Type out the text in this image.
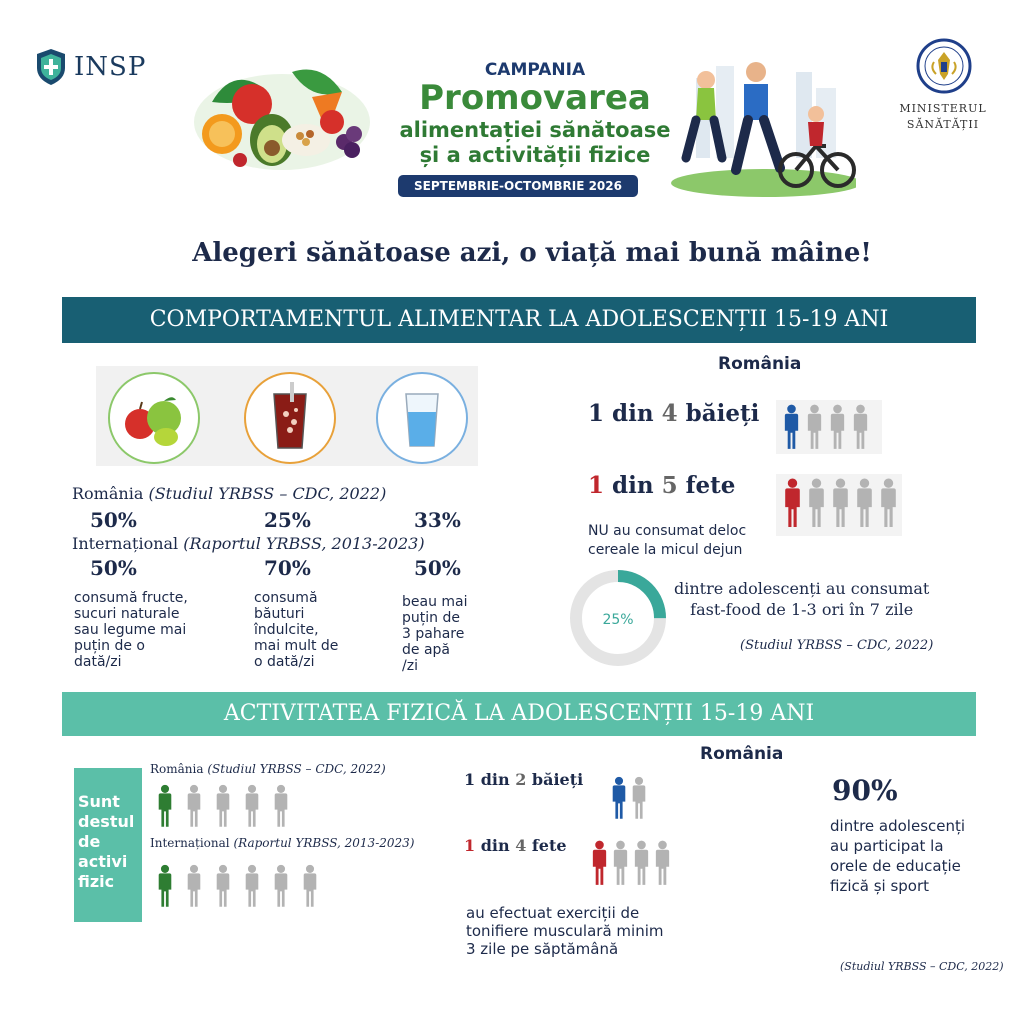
INSP	CAMPANIA
Promovarea
alimentației sănătoase
și a activității fizice
SEPTEMBRIE-OCTOMBRIE 2026
MINISTERUL
SĂNĂTĂȚII
Alegeri sănătoase azi, o viață mai bună mâine!
COMPORTAMENTUL ALIMENTAR LA ADOLESCENȚII 15-19 ANI
România (Studiul YRBSS – CDC, 2022)
50%	25%	33%
Internațional (Raportul YRBSS, 2013-2023)
50%	70%	50%
consumă fructe,
sucuri naturale
sau legume mai
puțin de o
dată/zi
consumă
băuturi
îndulcite,
mai mult de
o dată/zi
beau mai
puțin de
3 pahare
de apă
/zi
România
1 din 4 băieți
1 din 5 fete
NU au consumat deloc
cereale la micul dejun
25%
dintre adolescenți au consumat
fast-food de 1-3 ori în 7 zile
(Studiul YRBSS – CDC, 2022)
ACTIVITATEA FIZICĂ LA ADOLESCENȚII 15-19 ANI
Sunt
destul
de
activi
fizic
România (Studiul YRBSS – CDC, 2022)
Internațional (Raportul YRBSS, 2013-2023)
România
1 din 2 băieți
1 din 4 fete
au efectuat exerciții de
tonifiere musculară minim
3 zile pe săptămână
90%
dintre adolescenți
au participat la
orele de educație
fizică și sport
(Studiul YRBSS – CDC, 2022)
